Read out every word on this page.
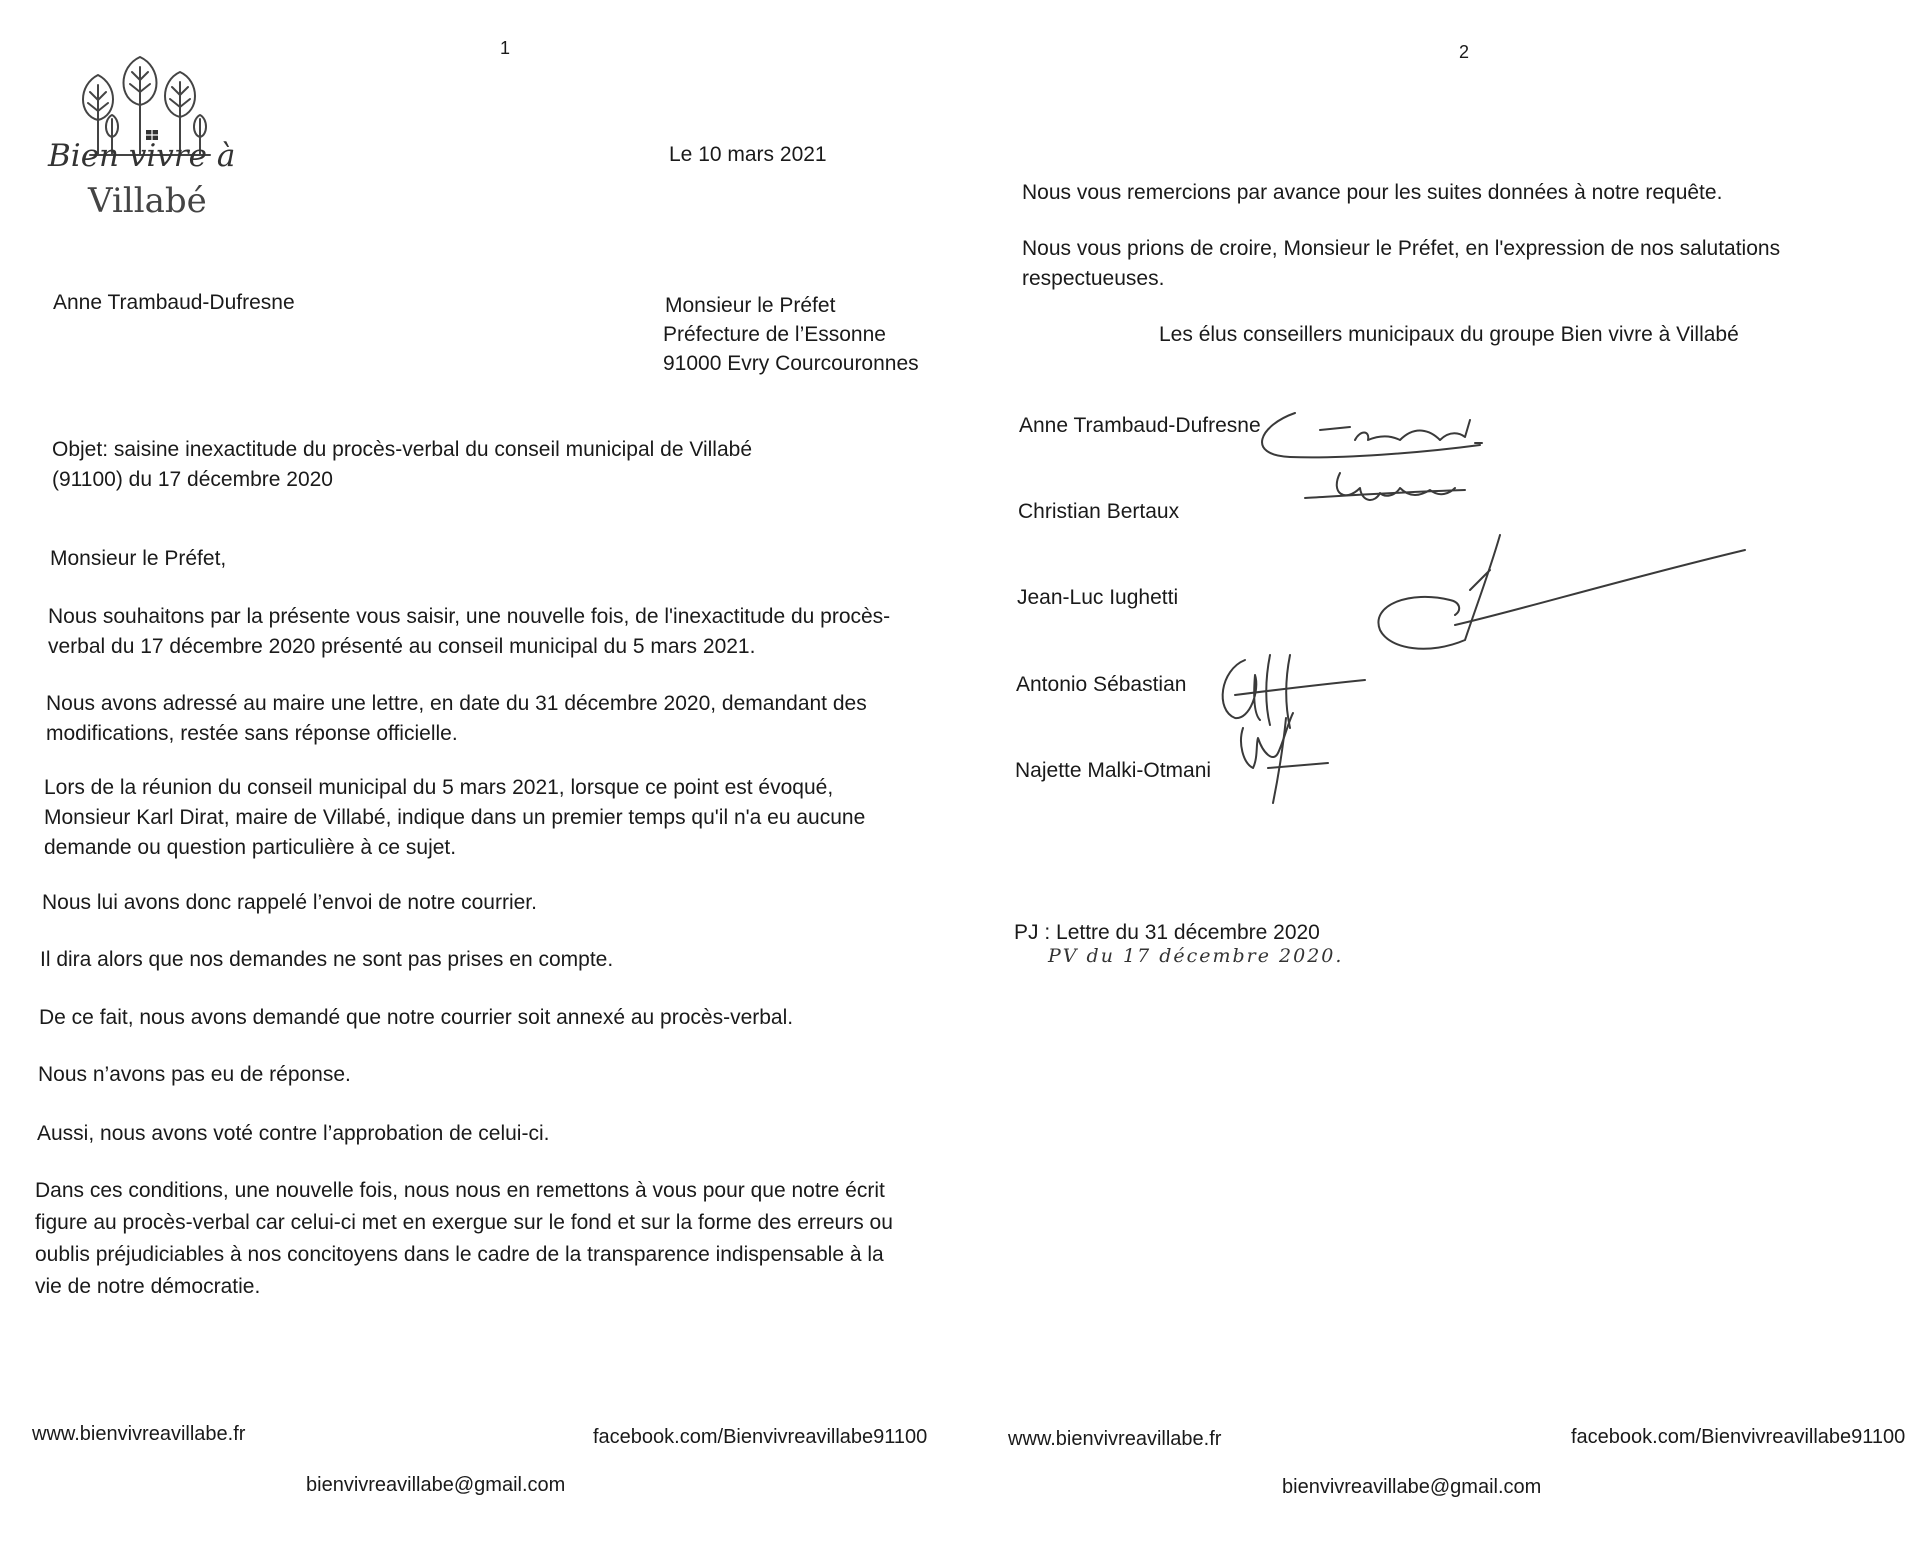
1
Bien vivre à
Villabé
Le 10 mars 2021
Anne Trambaud-Dufresne	Monsieur le Préfet
Préfecture de l’Essonne
91000 Evry Courcouronnes
Objet: saisine inexactitude du procès-verbal du conseil municipal de Villabé
(91100) du 17 décembre 2020
Monsieur le Préfet,
Nous souhaitons par la présente vous saisir, une nouvelle fois, de l'inexactitude du procès-
verbal du 17 décembre 2020 présenté au conseil municipal du 5 mars 2021.
Nous avons adressé au maire une lettre, en date du 31 décembre 2020, demandant des
modifications, restée sans réponse officielle.
Lors de la réunion du conseil municipal du 5 mars 2021, lorsque ce point est évoqué,
Monsieur Karl Dirat, maire de Villabé, indique dans un premier temps qu'il n'a eu aucune
demande ou question particulière à ce sujet.
Nous lui avons donc rappelé l’envoi de notre courrier.
Il dira alors que nos demandes ne sont pas prises en compte.
De ce fait, nous avons demandé que notre courrier soit annexé au procès-verbal.
Nous n’avons pas eu de réponse.
Aussi, nous avons voté contre l’approbation de celui-ci.
Dans ces conditions, une nouvelle fois, nous nous en remettons à vous pour que notre écrit
figure au procès-verbal car celui-ci met en exergue sur le fond et sur la forme des erreurs ou
oublis préjudiciables à nos concitoyens dans le cadre de la transparence indispensable à la
vie de notre démocratie.
www.bienvivreavillabe.fr	facebook.com/Bienvivreavillabe91100
bienvivreavillabe@gmail.com
2
Nous vous remercions par avance pour les suites données à notre requête.
Nous vous prions de croire, Monsieur le Préfet, en l'expression de nos salutations
respectueuses.
Les élus conseillers municipaux du groupe Bien vivre à Villabé
Anne Trambaud-Dufresne
Christian Bertaux
Jean-Luc Iughetti
Antonio Sébastian
Najette Malki-Otmani
PJ : Lettre du 31 décembre 2020
PV du 17 décembre 2020.
www.bienvivreavillabe.fr	facebook.com/Bienvivreavillabe91100
bienvivreavillabe@gmail.com
